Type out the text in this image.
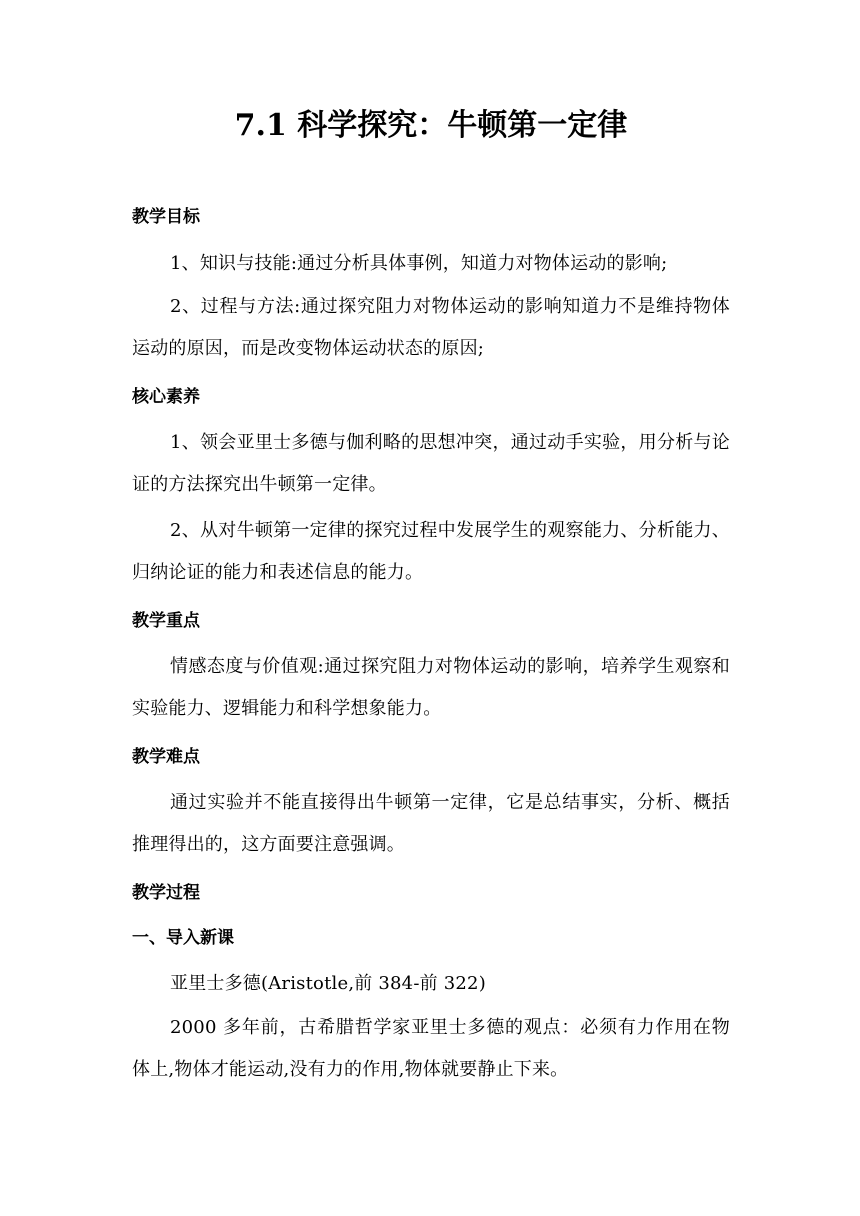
7.1 科学探究：牛顿第一定律
教学目标

1、知识与技能:通过分析具体事例，知道力对物体运动的影响;

2、过程与方法:通过探究阻力对物体运动的影响知道力不是维持物体运动的原因，而是改变物体运动状态的原因;

核心素养

1、领会亚里士多德与伽利略的思想冲突，通过动手实验，用分析与论证的方法探究出牛顿第一定律。

2、从对牛顿第一定律的探究过程中发展学生的观察能力、分析能力、归纳论证的能力和表述信息的能力。

教学重点

情感态度与价值观:通过探究阻力对物体运动的影响，培养学生观察和实验能力、逻辑能力和科学想象能力。

教学难点

通过实验并不能直接得出牛顿第一定律，它是总结事实，分析、概括推理得出的，这方面要注意强调。

教学过程
一、导入新课

亚里士多德(Aristotle,前 384-前 322)

2000 多年前，古希腊哲学家亚里士多德的观点：必须有力作用在物体上,物体才能运动,没有力的作用,物体就要静止下来。
